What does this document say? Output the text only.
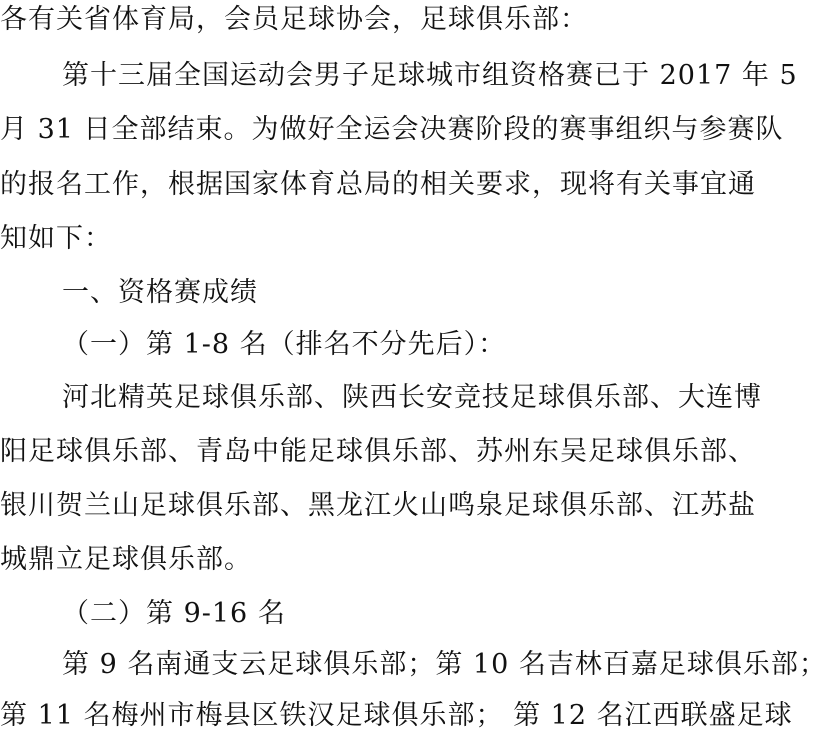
各有关省体育局，会员足球协会，足球俱乐部：
第十三届全国运动会男子足球城市组资格赛已于 2017 年 5
月 31 日全部结束。为做好全运会决赛阶段的赛事组织与参赛队
的报名工作，根据国家体育总局的相关要求，现将有关事宜通
知如下：
一、资格赛成绩
（一）第 1-8 名（排名不分先后）：
河北精英足球俱乐部、陕西长安竞技足球俱乐部、大连博
阳足球俱乐部、青岛中能足球俱乐部、苏州东吴足球俱乐部、
银川贺兰山足球俱乐部、黑龙江火山鸣泉足球俱乐部、江苏盐
城鼎立足球俱乐部。
（二）第 9-16 名
第 9 名南通支云足球俱乐部；第 10 名吉林百嘉足球俱乐部；
第 11 名梅州市梅县区铁汉足球俱乐部； 第 12 名江西联盛足球
